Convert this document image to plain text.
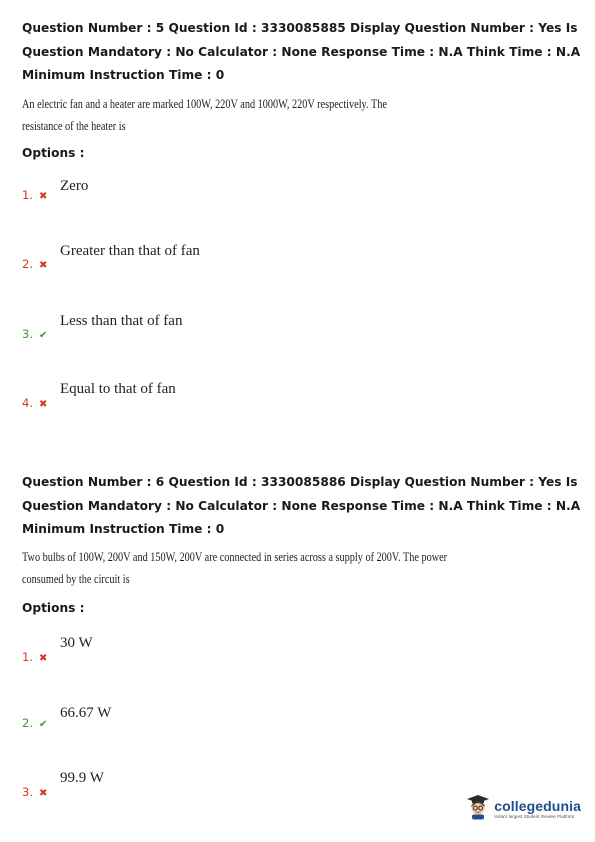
Question Number : 5 Question Id : 3330085885 Display Question Number : Yes Is Question Mandatory : No Calculator : None Response Time : N.A Think Time : N.A Minimum Instruction Time : 0
An electric fan and a heater are marked 100W, 220V and 1000W, 220V respectively. The resistance of the heater is
Options :
1. ✖
Zero
2. ✖
Greater than that of fan
3. ✔
Less than that of fan
4. ✖
Equal to that of fan
Question Number : 6 Question Id : 3330085886 Display Question Number : Yes Is Question Mandatory : No Calculator : None Response Time : N.A Think Time : N.A Minimum Instruction Time : 0
Two bulbs of 100W, 200V and 150W, 200V are connected in series across a supply of 200V. The power consumed by the circuit is
Options :
1. ✖
30 W
2. ✔
66.67 W
3. ✖
99.9 W
collegedunia
India's largest Student Review Platform
